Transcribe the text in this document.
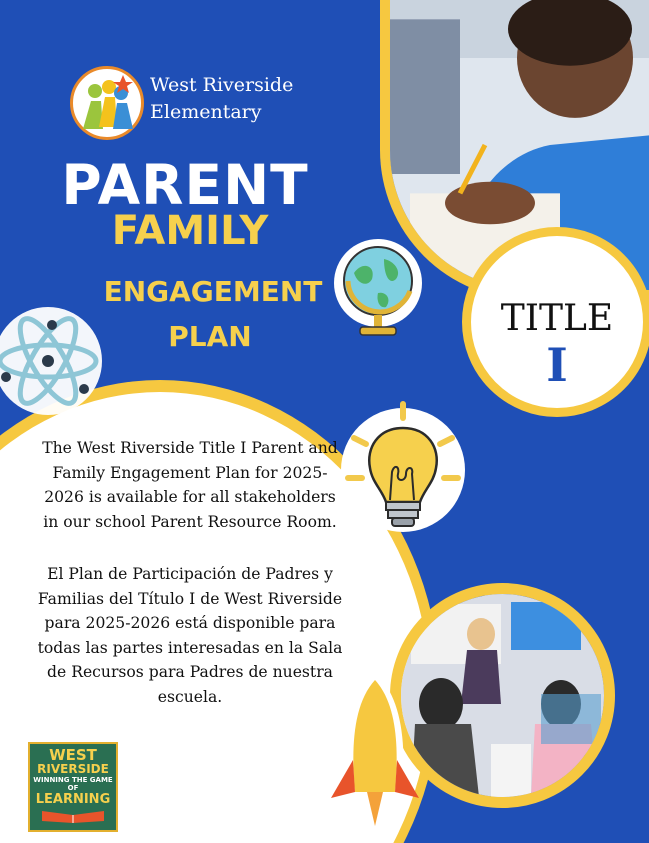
West Riverside
Elementary
PARENT
FAMILY
ENGAGEMENT
PLAN	TITLE
I
The West Riverside Title I Parent and
Family Engagement Plan for 2025-
2026 is available for all stakeholders
in our school Parent Resource Room.
El Plan de Participación de Padres y
Familias del Título I de West Riverside
para 2025-2026 está disponible para
todas las partes interesadas en la Sala
de Recursos para Padres de nuestra
escuela.
WEST
RIVERSIDE
WINNING THE GAME
OF
LEARNING
